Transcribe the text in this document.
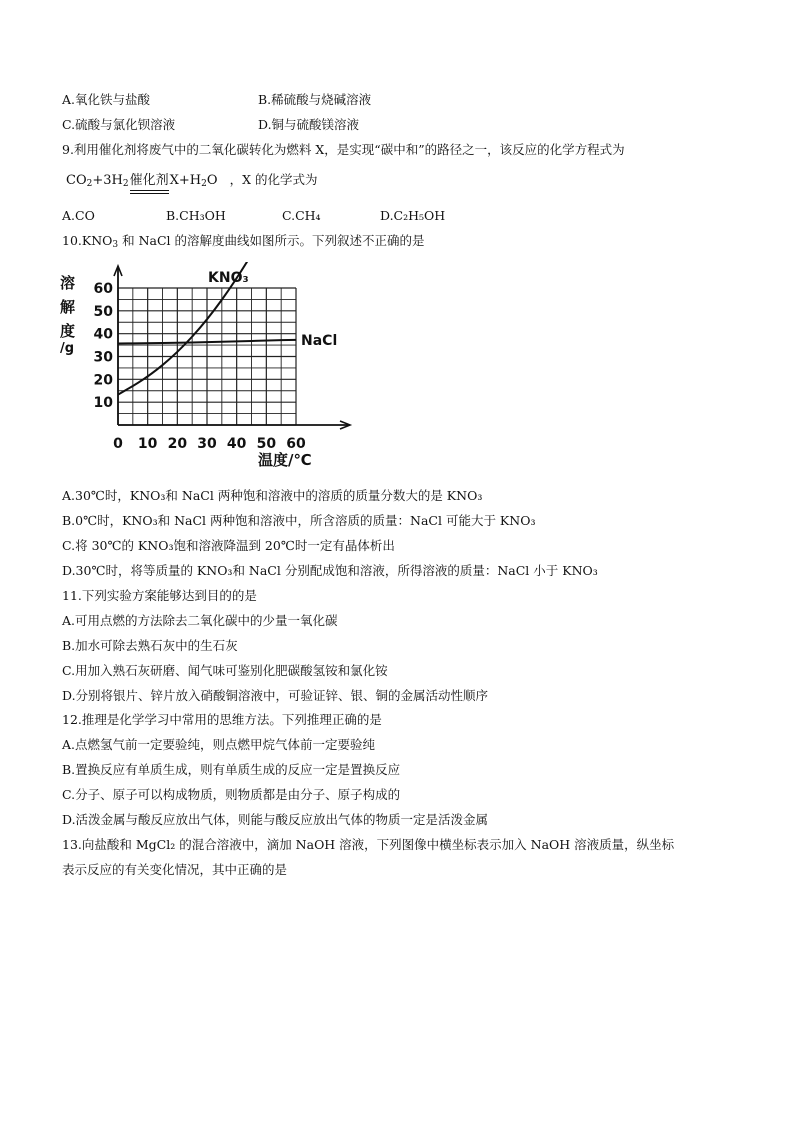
A.氧化铁与盐酸	B.稀硫酸与烧碱溶液
C.硫酸与氯化钡溶液	D.铜与硫酸镁溶液
9.利用催化剂将废气中的二氧化碳转化为燃料 X，是实现“碳中和”的路径之一，该反应的化学方程式为
$CO_2+3H_2$催化剂
$X+H_2O$ ，X 的化学式为
A.CO	B.CH₃OH	C.CH₄	D.C₂H₅OH
$10.KNO_3$ 和 NaCl 的溶解度曲线如图所示。下列叙述不正确的是
溶
解
度
/g
10
20
30
40
50
60
0 10 20 30 40 50 60
KNO₃
NaCl
温度/℃
A.30℃时，KNO₃和 NaCl 两种饱和溶液中的溶质的质量分数大的是 KNO₃
B.0℃时，KNO₃和 NaCl 两种饱和溶液中，所含溶质的质量：NaCl 可能大于 KNO₃
C.将 30℃的 KNO₃饱和溶液降温到 20℃时一定有晶体析出
D.30℃时，将等质量的 KNO₃和 NaCl 分别配成饱和溶液，所得溶液的质量：NaCl 小于 KNO₃
11.下列实验方案能够达到目的的是
A.可用点燃的方法除去二氧化碳中的少量一氧化碳
B.加水可除去熟石灰中的生石灰
C.用加入熟石灰研磨、闻气味可鉴别化肥碳酸氢铵和氯化铵
D.分别将银片、锌片放入硝酸铜溶液中，可验证锌、银、铜的金属活动性顺序
12.推理是化学学习中常用的思维方法。下列推理正确的是
A.点燃氢气前一定要验纯，则点燃甲烷气体前一定要验纯
B.置换反应有单质生成，则有单质生成的反应一定是置换反应
C.分子、原子可以构成物质，则物质都是由分子、原子构成的
D.活泼金属与酸反应放出气体，则能与酸反应放出气体的物质一定是活泼金属
13.向盐酸和 MgCl₂ 的混合溶液中，滴加 NaOH 溶液，下列图像中横坐标表示加入 NaOH 溶液质量，纵坐标
表示反应的有关变化情况，其中正确的是
